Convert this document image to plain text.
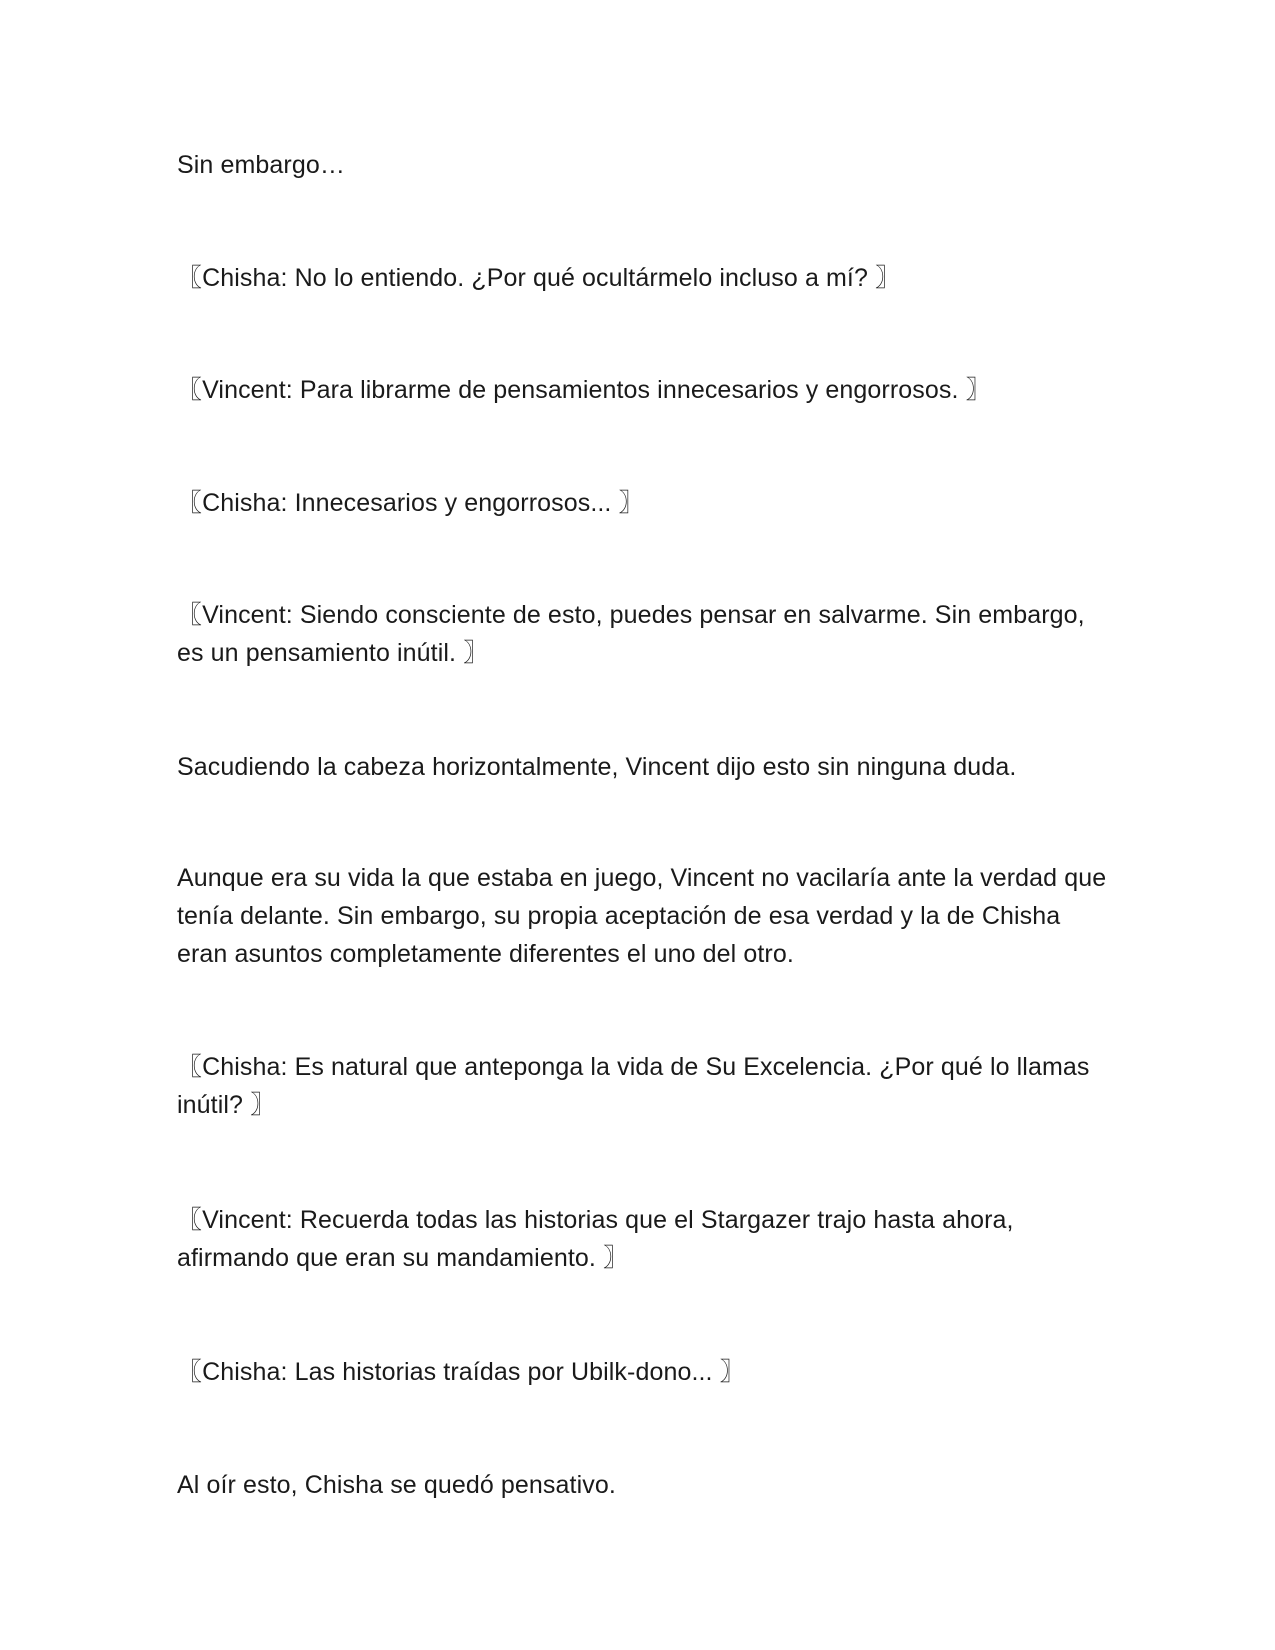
Sin embargo…

〖Chisha: No lo entiendo. ¿Por qué ocultármelo incluso a mí? 〗

〖Vincent: Para librarme de pensamientos innecesarios y engorrosos. 〗

〖Chisha: Innecesarios y engorrosos... 〗

〖Vincent: Siendo consciente de esto, puedes pensar en salvarme. Sin embargo, es un pensamiento inútil. 〗

Sacudiendo la cabeza horizontalmente, Vincent dijo esto sin ninguna duda.

Aunque era su vida la que estaba en juego, Vincent no vacilaría ante la verdad que tenía delante. Sin embargo, su propia aceptación de esa verdad y la de Chisha eran asuntos completamente diferentes el uno del otro.

〖Chisha: Es natural que anteponga la vida de Su Excelencia. ¿Por qué lo llamas inútil? 〗

〖Vincent: Recuerda todas las historias que el Stargazer trajo hasta ahora, afirmando que eran su mandamiento. 〗

〖Chisha: Las historias traídas por Ubilk-dono... 〗

Al oír esto, Chisha se quedó pensativo.
